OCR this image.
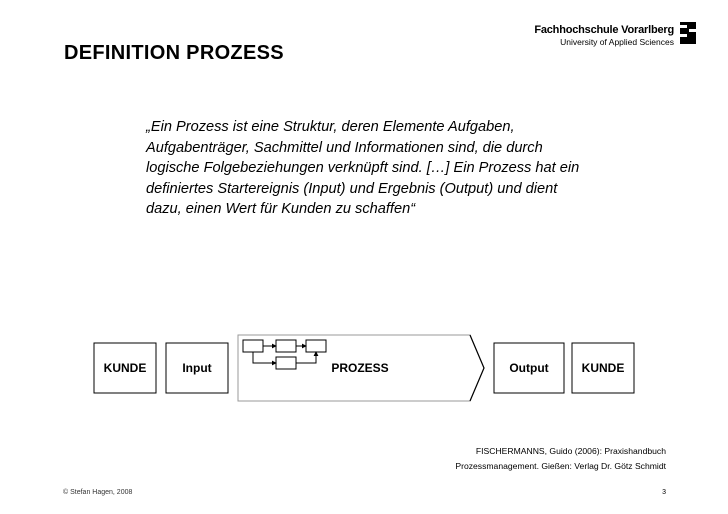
Fachhochschule Vorarlberg
University of Applied Sciences
DEFINITION PROZESS

„Ein Prozess ist eine Struktur, deren Elemente Aufgaben, Aufgabenträger, Sachmittel und Informationen sind, die durch logische Folgebeziehungen verknüpft sind. […] Ein Prozess hat ein definiertes Startereignis (Input) und Ergebnis (Output) und dient dazu, einen Wert für Kunden zu schaffen“

KUNDE	Input	PROZESS	Output	KUNDE
FISCHERMANNS, Guido (2006): Praxishandbuch
Prozessmanagement. Gießen: Verlag Dr. Götz Schmidt
© Stefan Hagen, 2008	3
